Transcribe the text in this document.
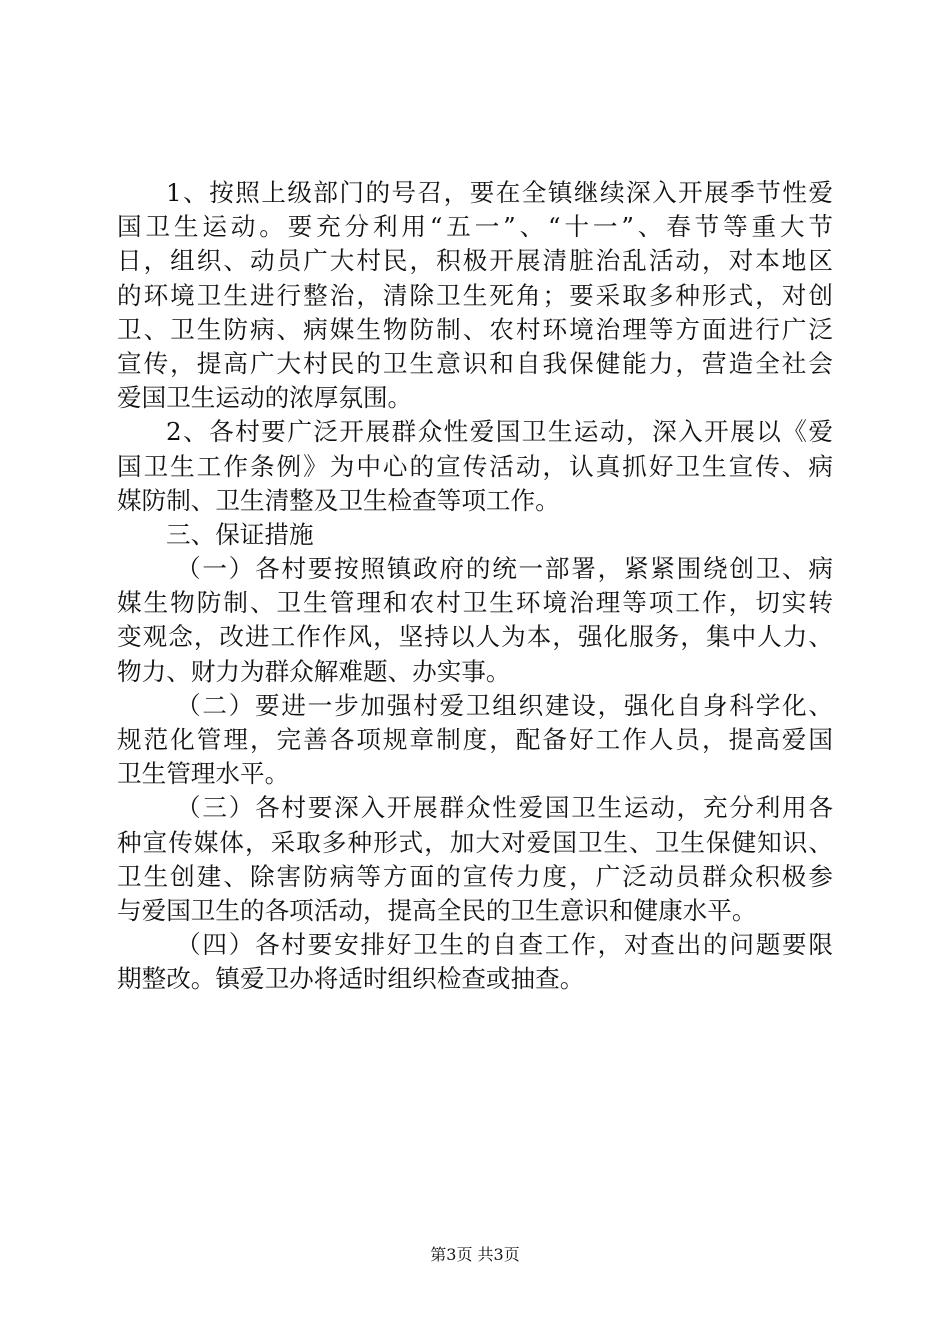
1、按照上级部门的号召，要在全镇继续深入开展季节性爱
国卫生运动。要充分利用“五一”、“十一”、春节等重大节
日，组织、动员广大村民，积极开展清脏治乱活动，对本地区
的环境卫生进行整治，清除卫生死角；要采取多种形式，对创
卫、卫生防病、病媒生物防制、农村环境治理等方面进行广泛
宣传，提高广大村民的卫生意识和自我保健能力，营造全社会
爱国卫生运动的浓厚氛围。
2、各村要广泛开展群众性爱国卫生运动，深入开展以《爱
国卫生工作条例》为中心的宣传活动，认真抓好卫生宣传、病
媒防制、卫生清整及卫生检查等项工作。
三、保证措施
（一）各村要按照镇政府的统一部署，紧紧围绕创卫、病
媒生物防制、卫生管理和农村卫生环境治理等项工作，切实转
变观念，改进工作作风，坚持以人为本，强化服务，集中人力、
物力、财力为群众解难题、办实事。
（二）要进一步加强村爱卫组织建设，强化自身科学化、
规范化管理，完善各项规章制度，配备好工作人员，提高爱国
卫生管理水平。
（三）各村要深入开展群众性爱国卫生运动，充分利用各
种宣传媒体，采取多种形式，加大对爱国卫生、卫生保健知识、
卫生创建、除害防病等方面的宣传力度，广泛动员群众积极参
与爱国卫生的各项活动，提高全民的卫生意识和健康水平。
（四）各村要安排好卫生的自查工作，对查出的问题要限
期整改。镇爱卫办将适时组织检查或抽查。
第3页 共3页
